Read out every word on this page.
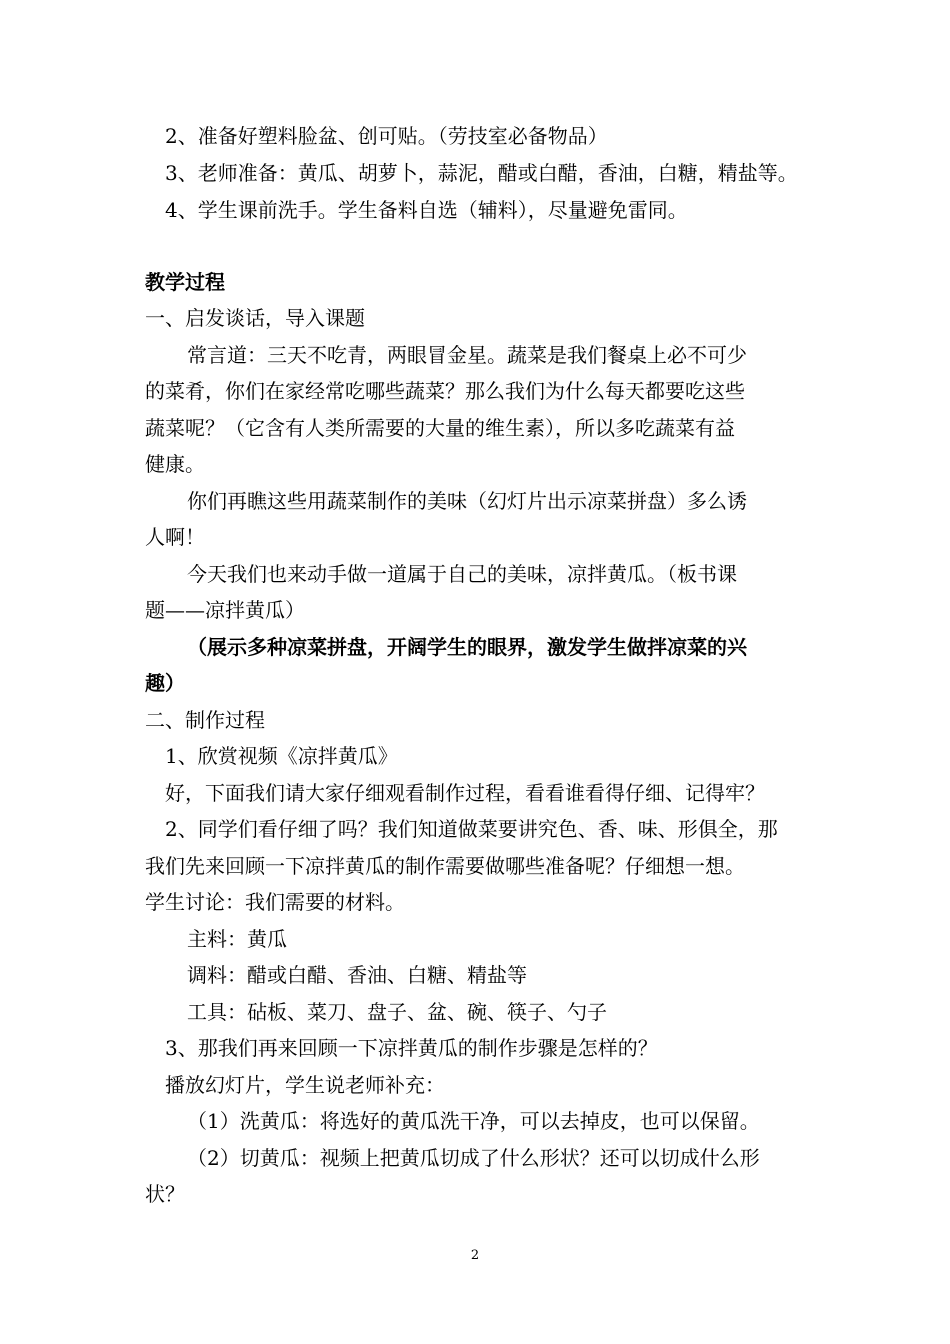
2、准备好塑料脸盆、创可贴。（劳技室必备物品）
3、老师准备：黄瓜、胡萝卜，蒜泥，醋或白醋，香油，白糖，精盐等。
4、学生课前洗手。学生备料自选（辅料），尽量避免雷同。
教学过程
一、启发谈话，导入课题
常言道：三天不吃青，两眼冒金星。蔬菜是我们餐桌上必不可少
的菜肴，你们在家经常吃哪些蔬菜？那么我们为什么每天都要吃这些
蔬菜呢？（它含有人类所需要的大量的维生素），所以多吃蔬菜有益
健康。
你们再瞧这些用蔬菜制作的美味（幻灯片出示凉菜拼盘）多么诱
人啊！
今天我们也来动手做一道属于自己的美味，凉拌黄瓜。（板书课
题——凉拌黄瓜）
（展示多种凉菜拼盘，开阔学生的眼界，激发学生做拌凉菜的兴
趣）
二、制作过程
1、欣赏视频《凉拌黄瓜》
好，下面我们请大家仔细观看制作过程，看看谁看得仔细、记得牢？
2、同学们看仔细了吗？我们知道做菜要讲究色、香、味、形俱全，那
我们先来回顾一下凉拌黄瓜的制作需要做哪些准备呢？仔细想一想。
学生讨论：我们需要的材料。
主料：黄瓜
调料：醋或白醋、香油、白糖、精盐等
工具：砧板、菜刀、盘子、盆、碗、筷子、勺子
3、那我们再来回顾一下凉拌黄瓜的制作步骤是怎样的？
播放幻灯片，学生说老师补充：
（1）洗黄瓜：将选好的黄瓜洗干净，可以去掉皮，也可以保留。
（2）切黄瓜：视频上把黄瓜切成了什么形状？还可以切成什么形
状？
2
